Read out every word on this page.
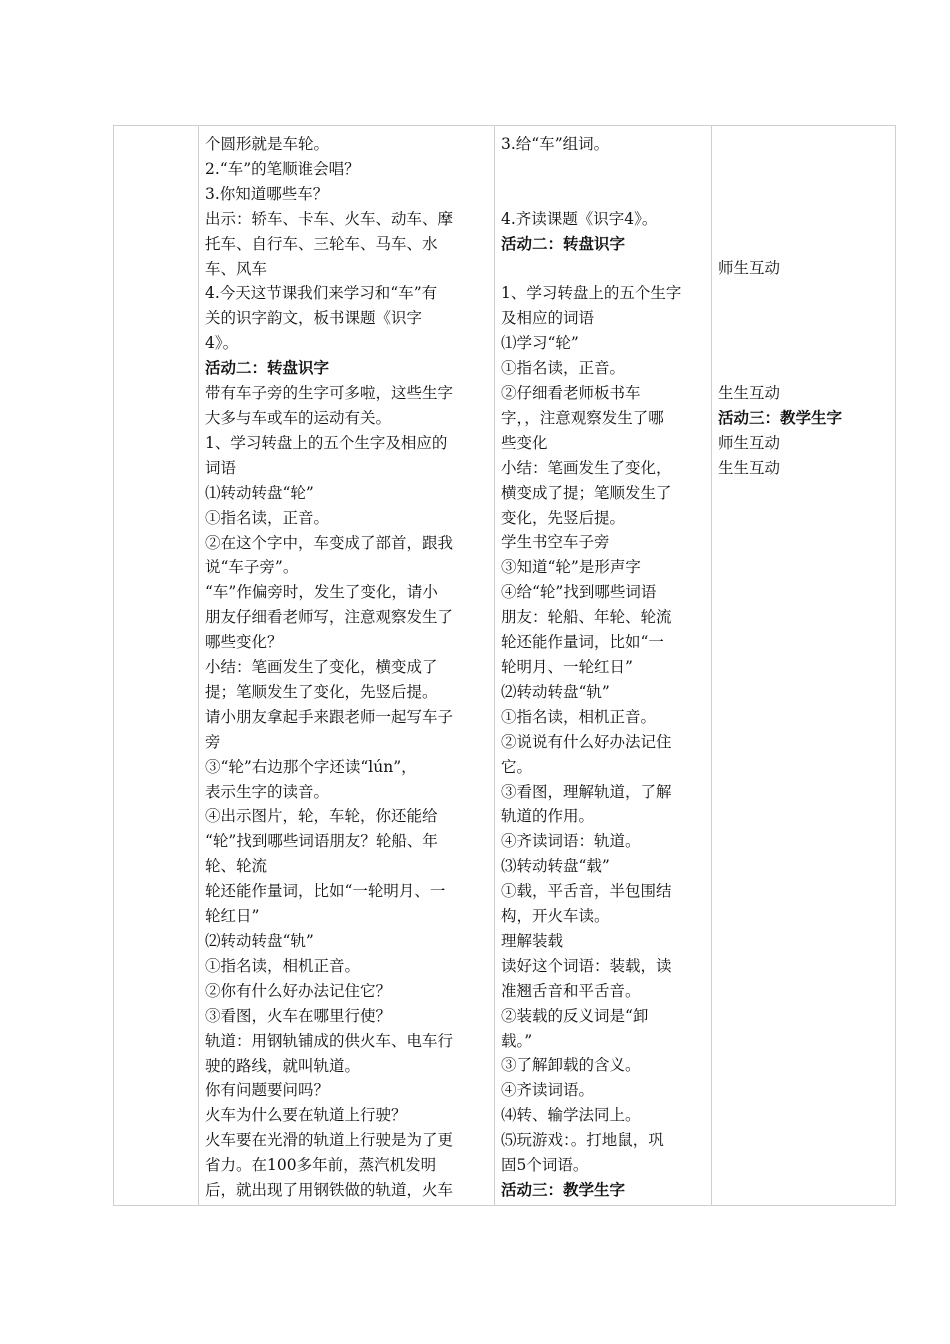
个圆形就是车轮。
2.“车”的笔顺谁会唱？
3.你知道哪些车？
出示：轿车、卡车、火车、动车、摩
托车、自行车、三轮车、马车、水
车、风车
4.今天这节课我们来学习和“车”有
关的识字韵文，板书课题《识字
4》。
活动二：转盘识字
带有车子旁的生字可多啦，这些生字
大多与车或车的运动有关。
1、学习转盘上的五个生字及相应的
词语
⑴转动转盘“轮”
①指名读，正音。
②在这个字中，车变成了部首，跟我
说“车子旁”。
“车”作偏旁时，发生了变化，请小
朋友仔细看老师写，注意观察发生了
哪些变化？
小结：笔画发生了变化，横变成了
提；笔顺发生了变化，先竖后提。
请小朋友拿起手来跟老师一起写车子
旁
③“轮”右边那个字还读“lún”，
表示生字的读音。
④出示图片，轮，车轮，你还能给
“轮”找到哪些词语朋友？轮船、年
轮、轮流
轮还能作量词，比如“一轮明月、一
轮红日”
⑵转动转盘“轨”
①指名读，相机正音。
②你有什么好办法记住它？
③看图，火车在哪里行使？
轨道：用钢轨铺成的供火车、电车行
驶的路线，就叫轨道。
你有问题要问吗？
火车为什么要在轨道上行驶？
火车要在光滑的轨道上行驶是为了更
省力。在100多年前，蒸汽机发明
后，就出现了用钢铁做的轨道，火车

3.给“车”组词。
4.齐读课题《识字4》。
活动二：转盘识字
1、学习转盘上的五个生字
及相应的词语
⑴学习“轮”
①指名读，正音。
②仔细看老师板书车
字，，注意观察发生了哪
些变化
小结：笔画发生了变化，
横变成了提；笔顺发生了
变化，先竖后提。
学生书空车子旁
③知道“轮”是形声字
④给“轮”找到哪些词语
朋友：轮船、年轮、轮流
轮还能作量词，比如“一
轮明月、一轮红日”
⑵转动转盘“轨”
①指名读，相机正音。
②说说有什么好办法记住
它。
③看图，理解轨道，了解
轨道的作用。
④齐读词语：轨道。
⑶转动转盘“载”
①载，平舌音，半包围结
构，开火车读。
理解装载
读好这个词语：装载，读
准翘舌音和平舌音。
②装载的反义词是“卸
载。”
③了解卸载的含义。
④齐读词语。
⑷转、输学法同上。
⑸玩游戏：。打地鼠，巩
固5个词语。
活动三：教学生字

师生互动
生生互动
活动三：教学生字
师生互动
生生互动
